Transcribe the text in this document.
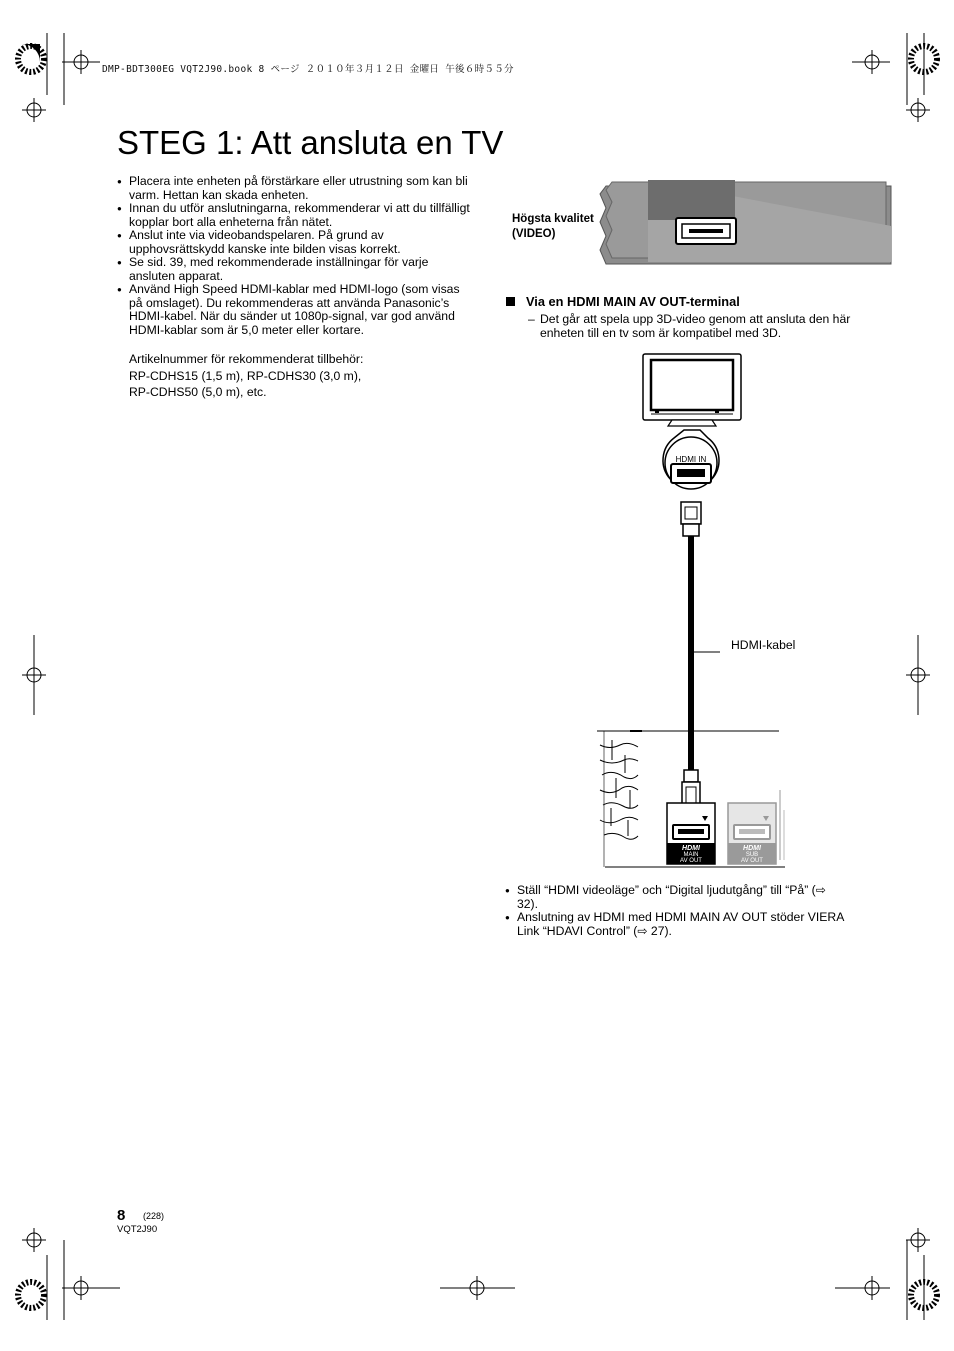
DMP-BDT300EG VQT2J90.book 8 ページ ２０１０年３月１２日 金曜日 午後６時５５分
STEG 1: Att ansluta en TV
● Placera inte enheten på förstärkare eller utrustning som kan bli varm. Hettan kan skada enheten.
● Innan du utför anslutningarna, rekommenderar vi att du tillfälligt kopplar bort alla enheterna från nätet.
● Anslut inte via videobandspelaren. På grund av upphovsrättskydd kanske inte bilden visas korrekt.
● Se sid. 39, med rekommenderade inställningar för varje ansluten apparat.
● Använd High Speed HDMI-kablar med HDMI-logo (som visas på omslaget). Du rekommenderas att använda Panasonic’s HDMI-kabel. När du sänder ut 1080p-signal, var god använd HDMI-kablar som är 5,0 meter eller kortare.
Artikelnummer för rekommenderat tillbehör:
RP-CDHS15 (1,5 m), RP-CDHS30 (3,0 m),
RP-CDHS50 (5,0 m), etc.
Högsta kvalitet
(VIDEO)
Via en HDMI MAIN AV OUT-terminal
– Det går att spela upp 3D-video genom att ansluta den här enheten till en tv som är kompatibel med 3D.
HDMI IN
HDMI
MAIN
AV OUT
HDMI
SUB
AV OUT
HDMI-kabel
● Ställ “HDMI videoläge” och “Digital ljudutgång” till “På” (⇨ 32).
● Anslutning av HDMI med HDMI MAIN AV OUT stöder VIERA Link “HDAVI Control” (⇨ 27).
8 (228)
VQT2J90
